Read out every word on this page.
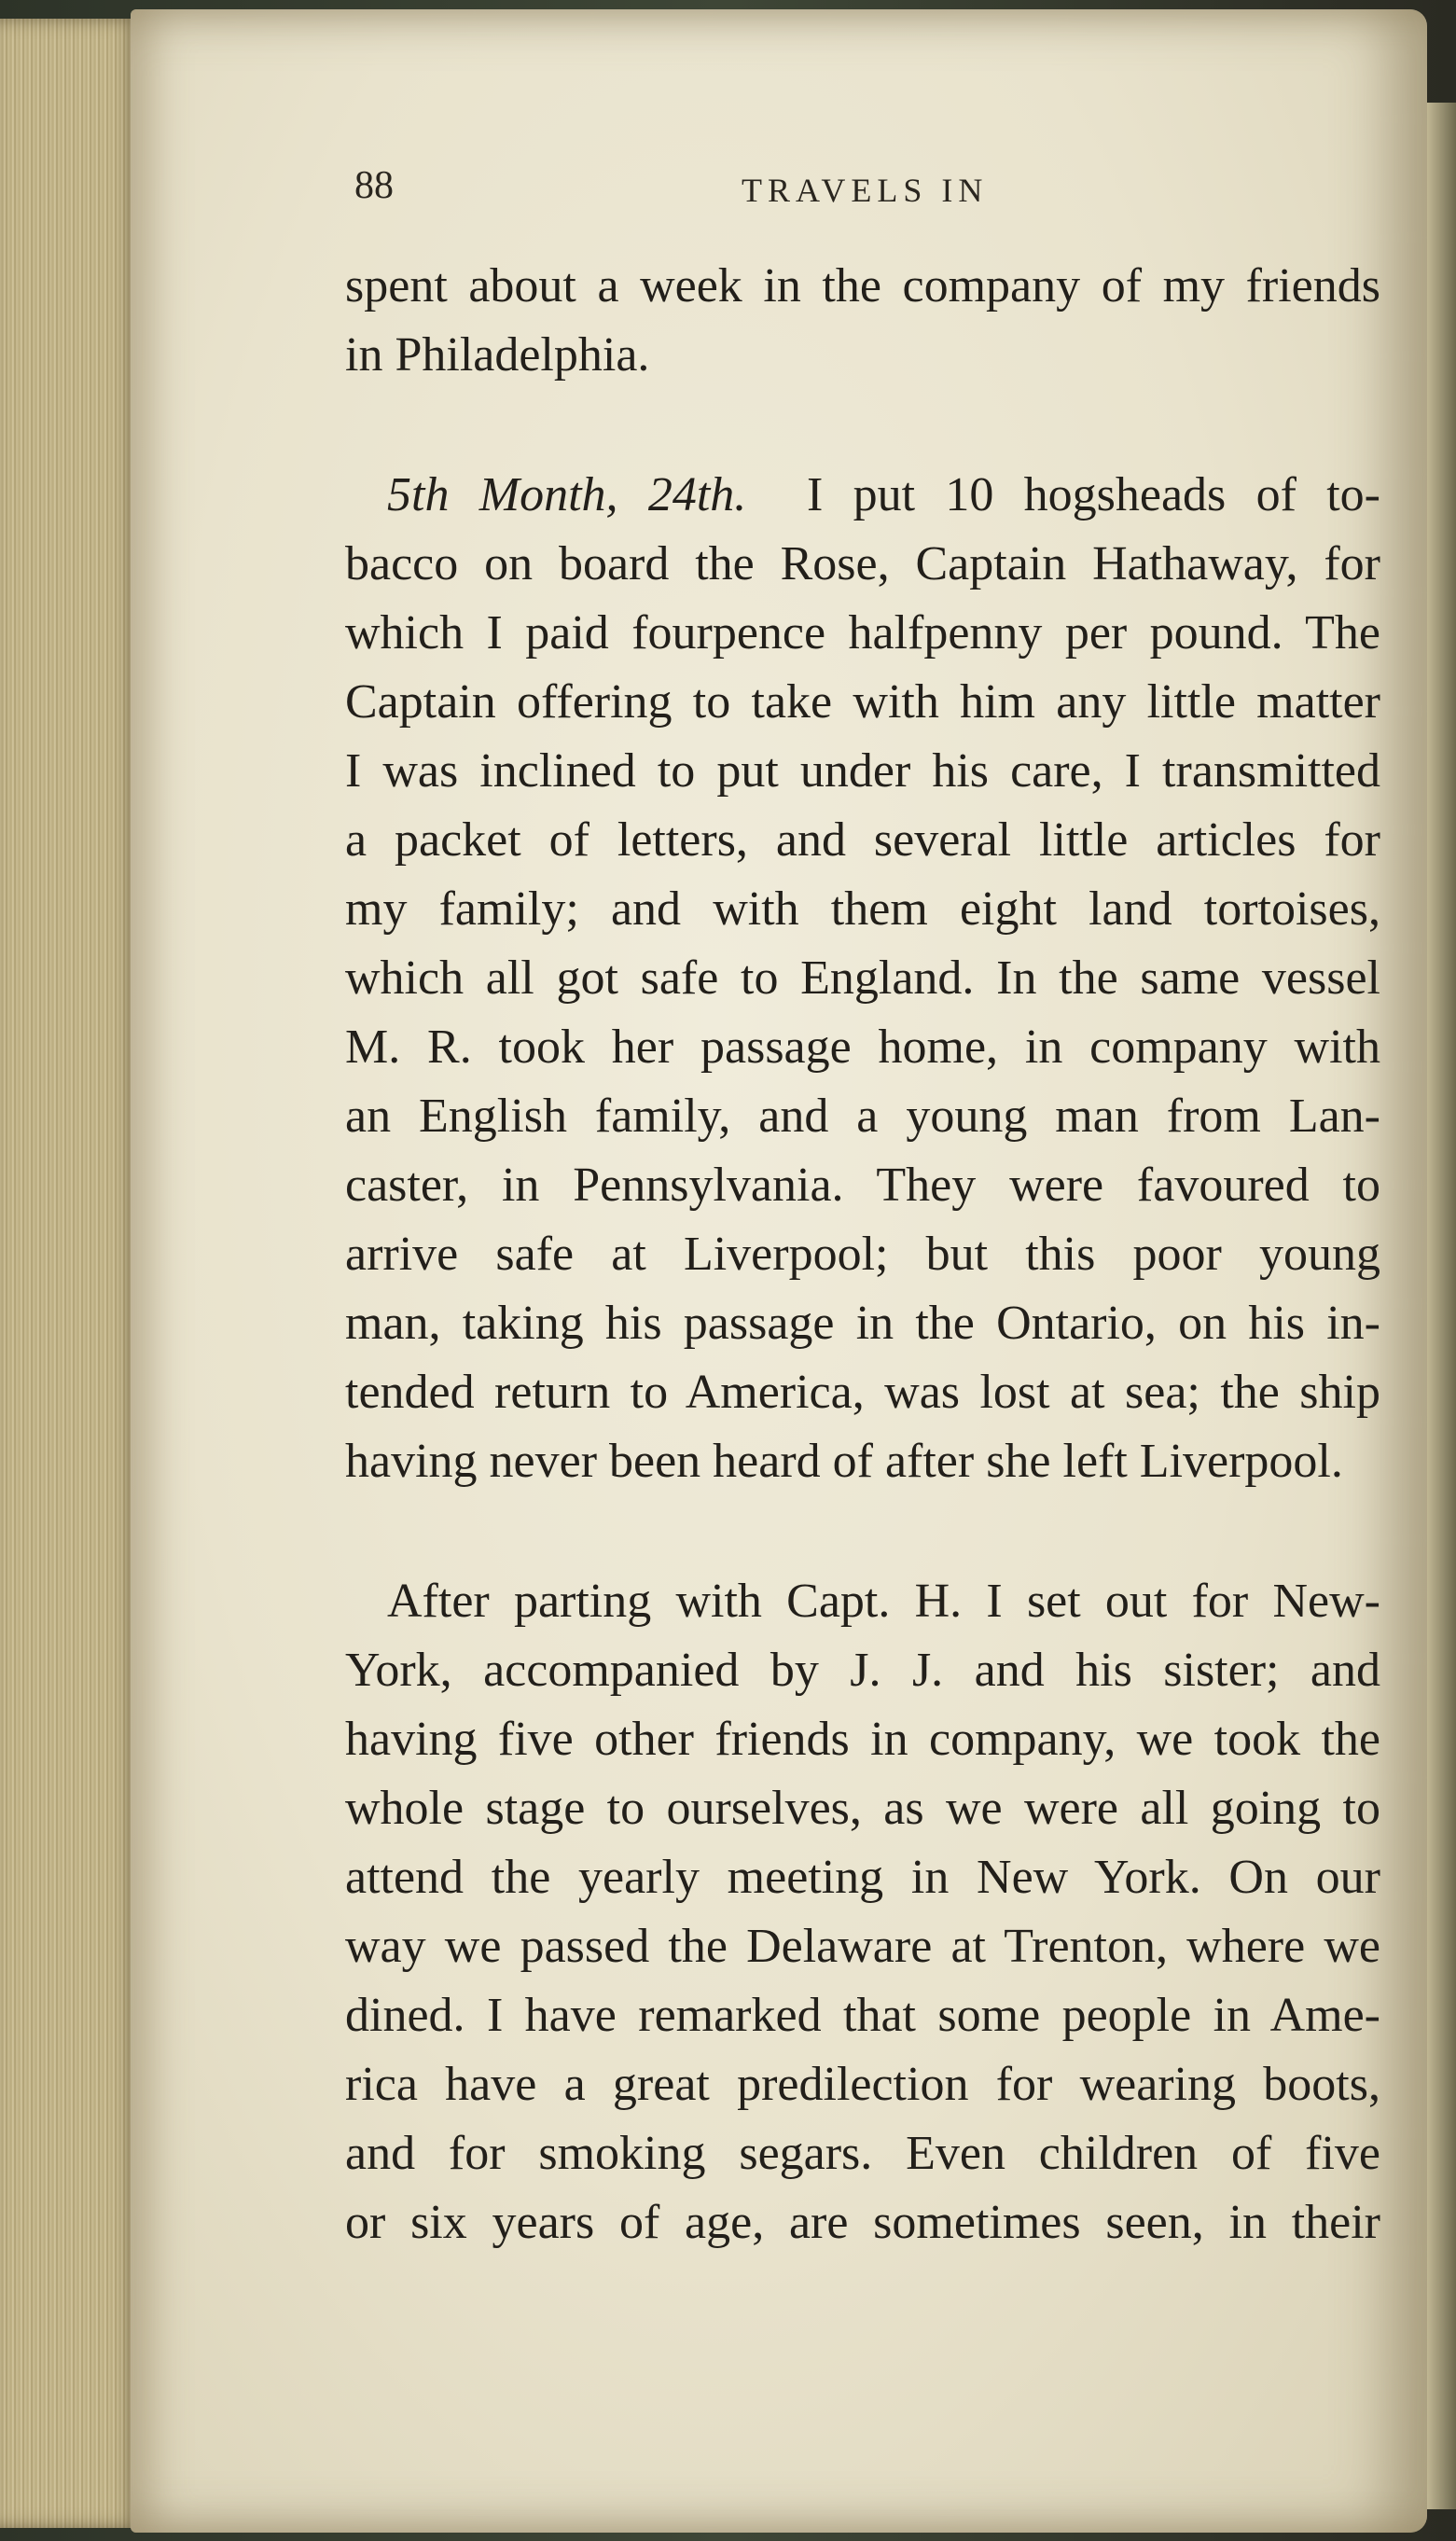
88	TRAVELS IN
spent about a week in the company of my friends
in Philadelphia.
5th Month, 24th. I put 10 hogsheads of to-
bacco on board the Rose, Captain Hathaway, for
which I paid fourpence halfpenny per pound. The
Captain offering to take with him any little matter
I was inclined to put under his care, I transmitted
a packet of letters, and several little articles for
my family; and with them eight land tortoises,
which all got safe to England. In the same vessel
M. R. took her passage home, in company with
an English family, and a young man from Lan-
caster, in Pennsylvania. They were favoured to
arrive safe at Liverpool; but this poor young
man, taking his passage in the Ontario, on his in-
tended return to America, was lost at sea; the ship
having never been heard of after she left Liverpool.
After parting with Capt. H. I set out for New-
York, accompanied by J. J. and his sister; and
having five other friends in company, we took the
whole stage to ourselves, as we were all going to
attend the yearly meeting in New York. On our
way we passed the Delaware at Trenton, where we
dined. I have remarked that some people in Ame-
rica have a great predilection for wearing boots,
and for smoking segars. Even children of five
or six years of age, are sometimes seen, in their
